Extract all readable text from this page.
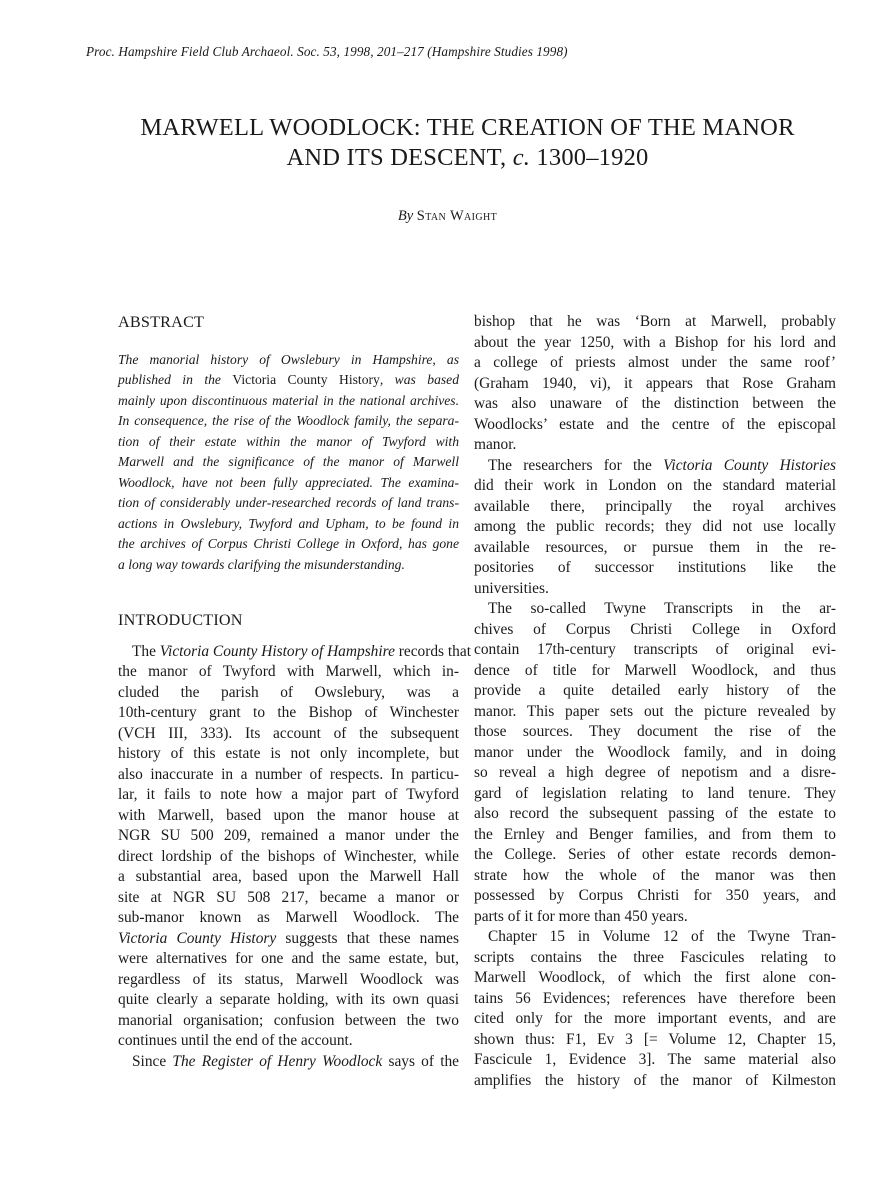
Proc. Hampshire Field Club Archaeol. Soc. 53, 1998, 201–217 (Hampshire Studies 1998)
MARWELL WOODLOCK: THE CREATION OF THE MANOR
AND ITS DESCENT, c. 1300–1920
By Stan Waight
ABSTRACT
The manorial history of Owslebury in Hampshire, as
published in the Victoria County History, was based
mainly upon discontinuous material in the national archives.
In consequence, the rise of the Woodlock family, the separa-
tion of their estate within the manor of Twyford with
Marwell and the significance of the manor of Marwell
Woodlock, have not been fully appreciated. The examina-
tion of considerably under-researched records of land trans-
actions in Owslebury, Twyford and Upham, to be found in
the archives of Corpus Christi College in Oxford, has gone
a long way towards clarifying the misunderstanding.
INTRODUCTION
The Victoria County History of Hampshire records that
the manor of Twyford with Marwell, which in-
cluded the parish of Owslebury, was a
10th-century grant to the Bishop of Winchester
(VCH III, 333). Its account of the subsequent
history of this estate is not only incomplete, but
also inaccurate in a number of respects. In particu-
lar, it fails to note how a major part of Twyford
with Marwell, based upon the manor house at
NGR SU 500 209, remained a manor under the
direct lordship of the bishops of Winchester, while
a substantial area, based upon the Marwell Hall
site at NGR SU 508 217, became a manor or
sub-manor known as Marwell Woodlock. The
Victoria County History suggests that these names
were alternatives for one and the same estate, but,
regardless of its status, Marwell Woodlock was
quite clearly a separate holding, with its own quasi
manorial organisation; confusion between the two
continues until the end of the account.
Since The Register of Henry Woodlock says of the
bishop that he was ‘Born at Marwell, probably
about the year 1250, with a Bishop for his lord and
a college of priests almost under the same roof’
(Graham 1940, vi), it appears that Rose Graham
was also unaware of the distinction between the
Woodlocks’ estate and the centre of the episcopal
manor.
The researchers for the Victoria County Histories
did their work in London on the standard material
available there, principally the royal archives
among the public records; they did not use locally
available resources, or pursue them in the re-
positories of successor institutions like the
universities.
The so-called Twyne Transcripts in the ar-
chives of Corpus Christi College in Oxford
contain 17th-century transcripts of original evi-
dence of title for Marwell Woodlock, and thus
provide a quite detailed early history of the
manor. This paper sets out the picture revealed by
those sources. They document the rise of the
manor under the Woodlock family, and in doing
so reveal a high degree of nepotism and a disre-
gard of legislation relating to land tenure. They
also record the subsequent passing of the estate to
the Ernley and Benger families, and from them to
the College. Series of other estate records demon-
strate how the whole of the manor was then
possessed by Corpus Christi for 350 years, and
parts of it for more than 450 years.
Chapter 15 in Volume 12 of the Twyne Tran-
scripts contains the three Fascicules relating to
Marwell Woodlock, of which the first alone con-
tains 56 Evidences; references have therefore been
cited only for the more important events, and are
shown thus: F1, Ev 3 [= Volume 12, Chapter 15,
Fascicule 1, Evidence 3]. The same material also
amplifies the history of the manor of Kilmeston
